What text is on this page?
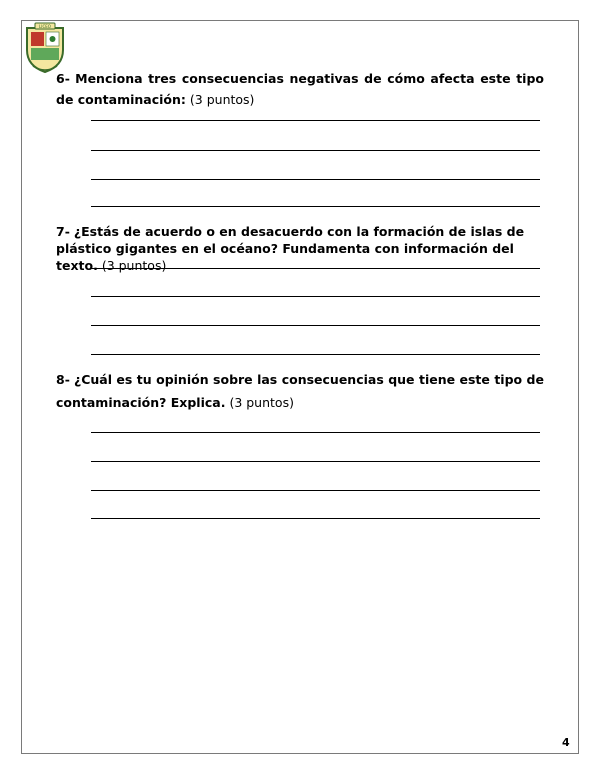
LICEO
6- Menciona tres consecuencias negativas de cómo afecta este tipo de contaminación: (3 puntos)
7- ¿Estás de acuerdo o en desacuerdo con la formación de islas de plástico gigantes en el océano? Fundamenta con información del texto. (3 puntos)
8- ¿Cuál es tu opinión sobre las consecuencias que tiene este tipo de contaminación? Explica. (3 puntos)
4
